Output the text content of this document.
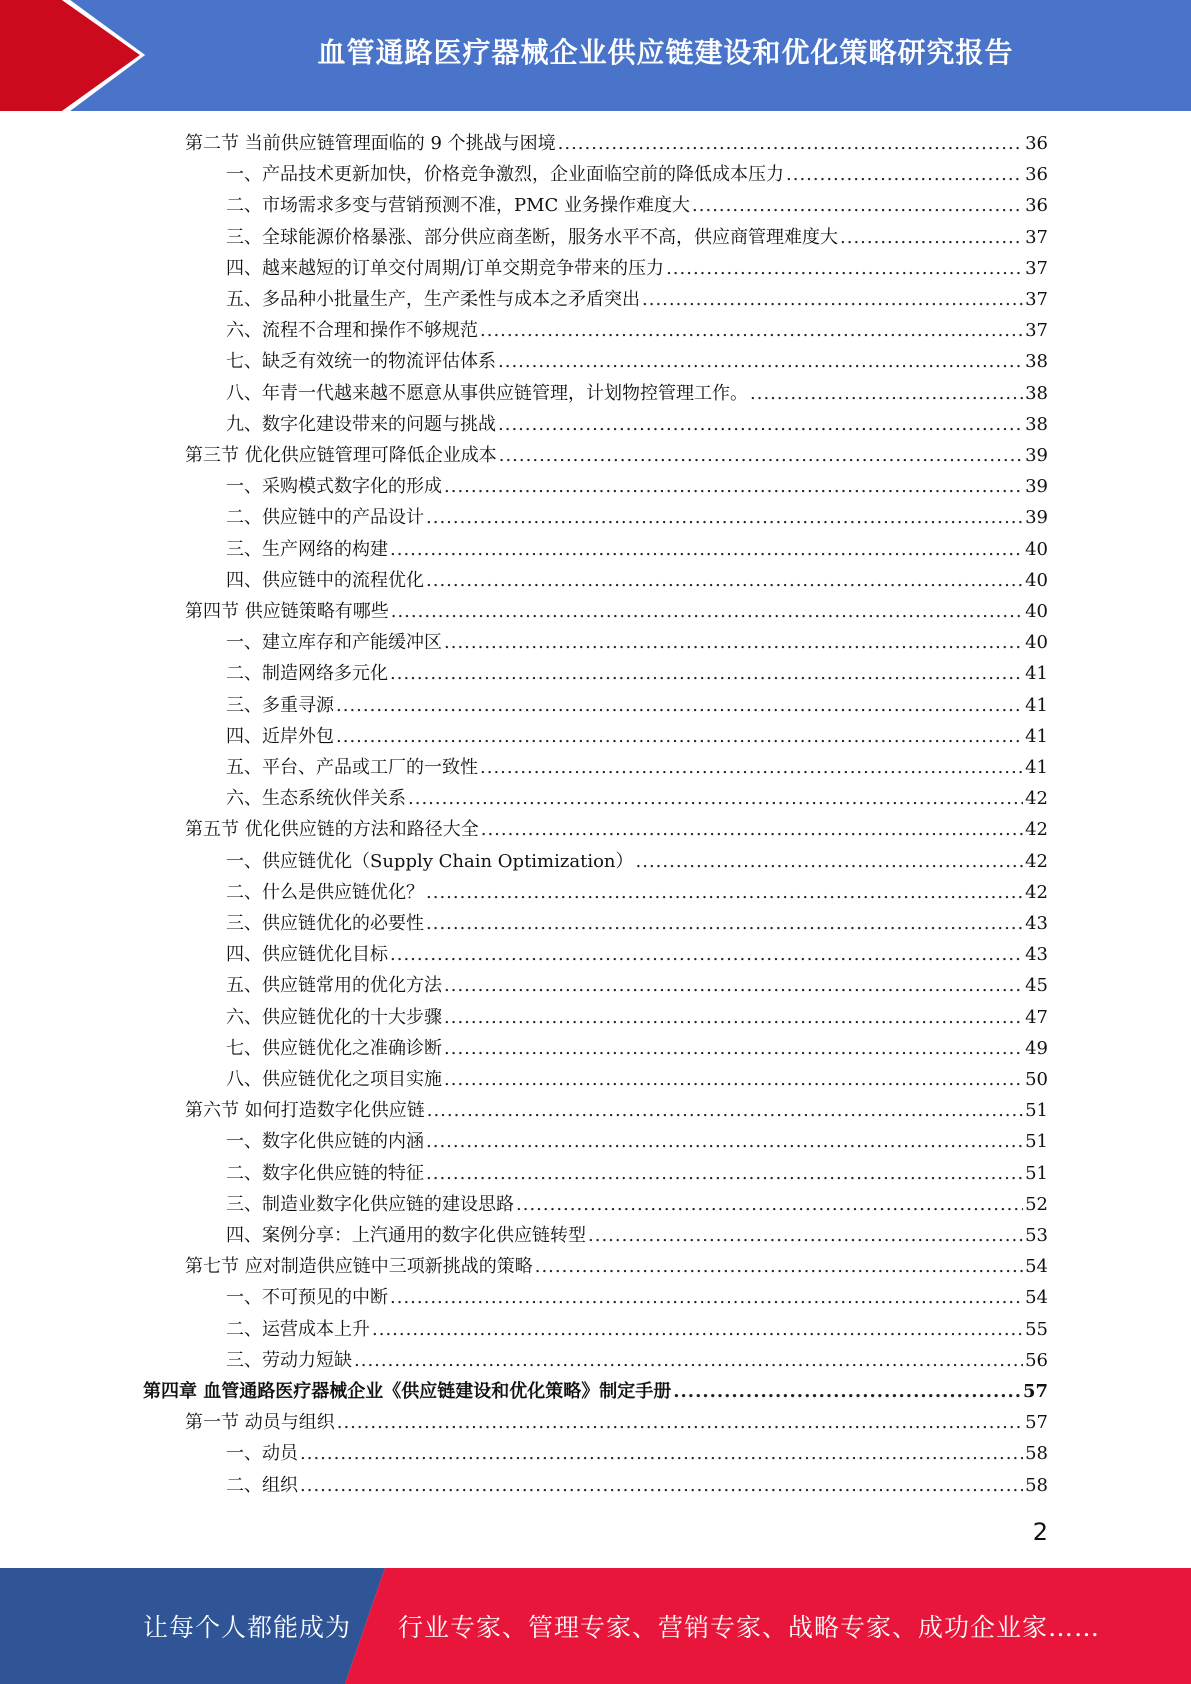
血管通路医疗器械企业供应链建设和优化策略研究报告
第二节 当前供应链管理面临的 9 个挑战与困境 .....	36
一、产品技术更新加快，价格竞争激烈，企业面临空前的降低成本压力 .....	36
二、市场需求多变与营销预测不准，PMC 业务操作难度大 .....	36
三、全球能源价格暴涨、部分供应商垄断，服务水平不高，供应商管理难度大 .....	37
四、越来越短的订单交付周期/订单交期竞争带来的压力 .....	37
五、多品种小批量生产，生产柔性与成本之矛盾突出 .....	37
六、流程不合理和操作不够规范 .....	37
七、缺乏有效统一的物流评估体系 .....	38
八、年青一代越来越不愿意从事供应链管理，计划物控管理工作。 .....	38
九、数字化建设带来的问题与挑战 .....	38
第三节 优化供应链管理可降低企业成本 .....	39
一、采购模式数字化的形成 .....	39
二、供应链中的产品设计 .....	39
三、生产网络的构建 .....	40
四、供应链中的流程优化 .....	40
第四节 供应链策略有哪些 .....	40
一、建立库存和产能缓冲区 .....	40
二、制造网络多元化 .....	41
三、多重寻源 .....	41
四、近岸外包 .....	41
五、平台、产品或工厂的一致性 .....	41
六、生态系统伙伴关系 .....	42
第五节 优化供应链的方法和路径大全 .....	42
一、供应链优化（Supply Chain Optimization） .....	42
二、什么是供应链优化？ .....	42
三、供应链优化的必要性 .....	43
四、供应链优化目标 .....	43
五、供应链常用的优化方法 .....	45
六、供应链优化的十大步骤 .....	47
七、供应链优化之准确诊断 .....	49
八、供应链优化之项目实施 .....	50
第六节 如何打造数字化供应链 .....	51
一、数字化供应链的内涵 .....	51
二、数字化供应链的特征 .....	51
三、制造业数字化供应链的建设思路 .....	52
四、案例分享：上汽通用的数字化供应链转型 .....	53
第七节 应对制造供应链中三项新挑战的策略 .....	54
一、不可预见的中断 .....	54
二、运营成本上升 .....	55
三、劳动力短缺 .....	56
第四章 血管通路医疗器械企业《供应链建设和优化策略》制定手册 .....	57
第一节 动员与组织 .....	57
一、动员 .....	58
二、组织 .....	58
2
让每个人都能成为 行业专家、管理专家、营销专家、战略专家、成功企业家……
